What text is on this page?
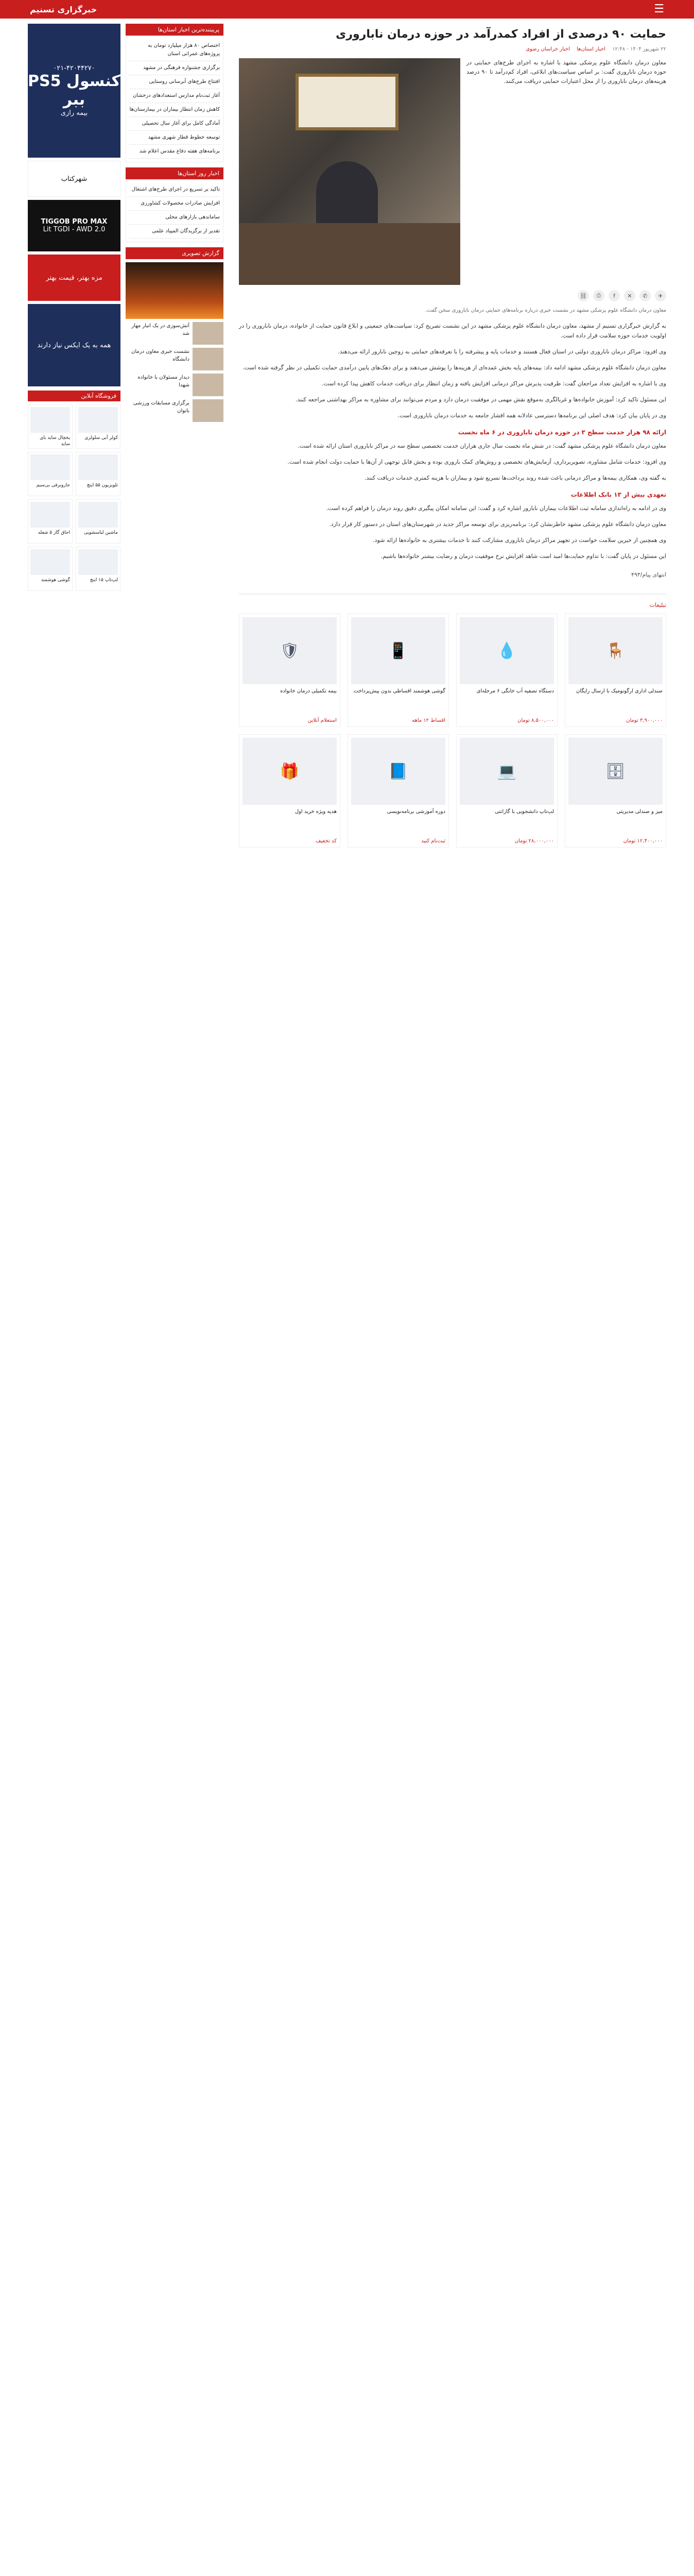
☰
خبرگزاری تسنیم
حمایت ۹۰ درصدی از افراد کمدرآمد در حوزه درمان ناباروری
۲۲ شهریور ۱۴۰۴ - ۱۲:۴۸ اخبار استان‌ها اخبار خراسان رضوی
معاون درمان دانشگاه علوم پزشکی مشهد با اشاره به اجرای طرح‌های حمایتی در حوزه درمان ناباروری گفت: بر اساس سیاست‌های ابلاغی، افراد کم‌درآمد تا ۹۰ درصد هزینه‌های درمان ناباروری را از محل اعتبارات حمایتی دریافت می‌کنند.
✈
✆
✕
f
⎙
⛓

معاون درمان دانشگاه علوم پزشکی مشهد در نشست خبری درباره برنامه‌های حمایتی درمان ناباروری سخن گفت.

به گزارش خبرگزاری تسنیم از مشهد، معاون درمان دانشگاه علوم پزشکی مشهد در این نشست تصریح کرد: سیاست‌های جمعیتی و ابلاغ قانون حمایت از خانواده، درمان ناباروری را در اولویت خدمات حوزه سلامت قرار داده است.

وی افزود: مراکز درمان ناباروری دولتی در استان فعال هستند و خدمات پایه و پیشرفته را با تعرفه‌های حمایتی به زوجین نابارور ارائه می‌دهند.

معاون درمان دانشگاه علوم پزشکی مشهد ادامه داد: بیمه‌های پایه بخش عمده‌ای از هزینه‌ها را پوشش می‌دهند و برای دهک‌های پایین درآمدی حمایت تکمیلی در نظر گرفته شده است.

وی با اشاره به افزایش تعداد مراجعان گفت: ظرفیت پذیرش مراکز درمانی افزایش یافته و زمان انتظار برای دریافت خدمات کاهش پیدا کرده است.

این مسئول تاکید کرد: آموزش خانواده‌ها و غربالگری به‌موقع نقش مهمی در موفقیت درمان دارد و مردم می‌توانند برای مشاوره به مراکز بهداشتی مراجعه کنند.

وی در پایان بیان کرد: هدف اصلی این برنامه‌ها دسترسی عادلانه همه اقشار جامعه به خدمات درمان ناباروری است.

ارائه ۹۸ هزار خدمت سطح ۳ در حوزه درمان ناباروری در ۶ ماه نخست

معاون درمان دانشگاه علوم پزشکی مشهد گفت: در شش ماه نخست سال جاری هزاران خدمت تخصصی سطح سه در مراکز ناباروری استان ارائه شده است.

وی افزود: خدمات شامل مشاوره، تصویربرداری، آزمایش‌های تخصصی و روش‌های کمک باروری بوده و بخش قابل توجهی از آن‌ها با حمایت دولت انجام شده است.

به گفته وی، همکاری بیمه‌ها و مراکز درمانی باعث شده روند پرداخت‌ها تسریع شود و بیماران با هزینه کمتری خدمات دریافت کنند.

تعهدی بیش از ۱۳ بانک اطلاعات

وی در ادامه به راه‌اندازی سامانه ثبت اطلاعات بیماران نابارور اشاره کرد و گفت: این سامانه امکان پیگیری دقیق روند درمان را فراهم کرده است.

معاون درمان دانشگاه علوم پزشکی مشهد خاطرنشان کرد: برنامه‌ریزی برای توسعه مراکز جدید در شهرستان‌های استان در دستور کار قرار دارد.

وی همچنین از خیرین سلامت خواست در تجهیز مراکز درمان ناباروری مشارکت کنند تا خدمات بیشتری به خانواده‌ها ارائه شود.

این مسئول در پایان گفت: با تداوم حمایت‌ها امید است شاهد افزایش نرخ موفقیت درمان و رضایت بیشتر خانواده‌ها باشیم.

انتهای پیام/۴۹۳
تبلیغات
🪑
صندلی اداری ارگونومیک با ارسال رایگان
۳,۹۰۰,۰۰۰ تومان
💧
دستگاه تصفیه آب خانگی ۶ مرحله‌ای
۸,۵۰۰,۰۰۰ تومان
📱
گوشی هوشمند اقساطی بدون پیش‌پرداخت
اقساط ۱۲ ماهه
🛡
بیمه تکمیلی درمان خانواده
استعلام آنلاین
🗄
میز و صندلی مدیریتی
۱۲,۴۰۰,۰۰۰ تومان
💻
لپ‌تاپ دانشجویی با گارانتی
۲۸,۰۰۰,۰۰۰ تومان
📘
دوره آموزشی برنامه‌نویسی
ثبت‌نام کنید
🎁
هدیه ویژه خرید اول
کد تخفیف
پربیننده‌ترین اخبار استان‌ها
اختصاص ۸۰ هزار میلیارد تومان به پروژه‌های عمرانی استان
برگزاری جشنواره فرهنگی در مشهد
افتتاح طرح‌های آبرسانی روستایی
آغاز ثبت‌نام مدارس استعدادهای درخشان
کاهش زمان انتظار بیماران در بیمارستان‌ها
آمادگی کامل برای آغاز سال تحصیلی
توسعه خطوط قطار شهری مشهد
برنامه‌های هفته دفاع مقدس اعلام شد
اخبار روز استان‌ها
تاکید بر تسریع در اجرای طرح‌های اشتغال
افزایش صادرات محصولات کشاورزی
ساماندهی بازارهای محلی
تقدیر از برگزیدگان المپیاد علمی
گزارش تصویری
آتش‌سوزی در یک انبار مهار شد
نشست خبری معاون درمان دانشگاه
دیدار مسئولان با خانواده شهدا
برگزاری مسابقات ورزشی بانوان
۰۲۱-۴۲۰۴۴۲۷۰
کنسول PS5
ببر
بیمه رازی
شهرکتاب
TIGGOB PRO MAX
2.0 Lit TGDI - AWD
مزه بهتر، قیمت بهتر
همه به یک ایکس نیاز دارند
فروشگاه آنلاین
کولر آبی سلولزی
یخچال ساید بای ساید
تلویزیون ۵۵ اینچ
جاروبرقی بی‌سیم
ماشین لباسشویی
اجاق گاز ۵ شعله
لپ‌تاپ ۱۵ اینچ
گوشی هوشمند
